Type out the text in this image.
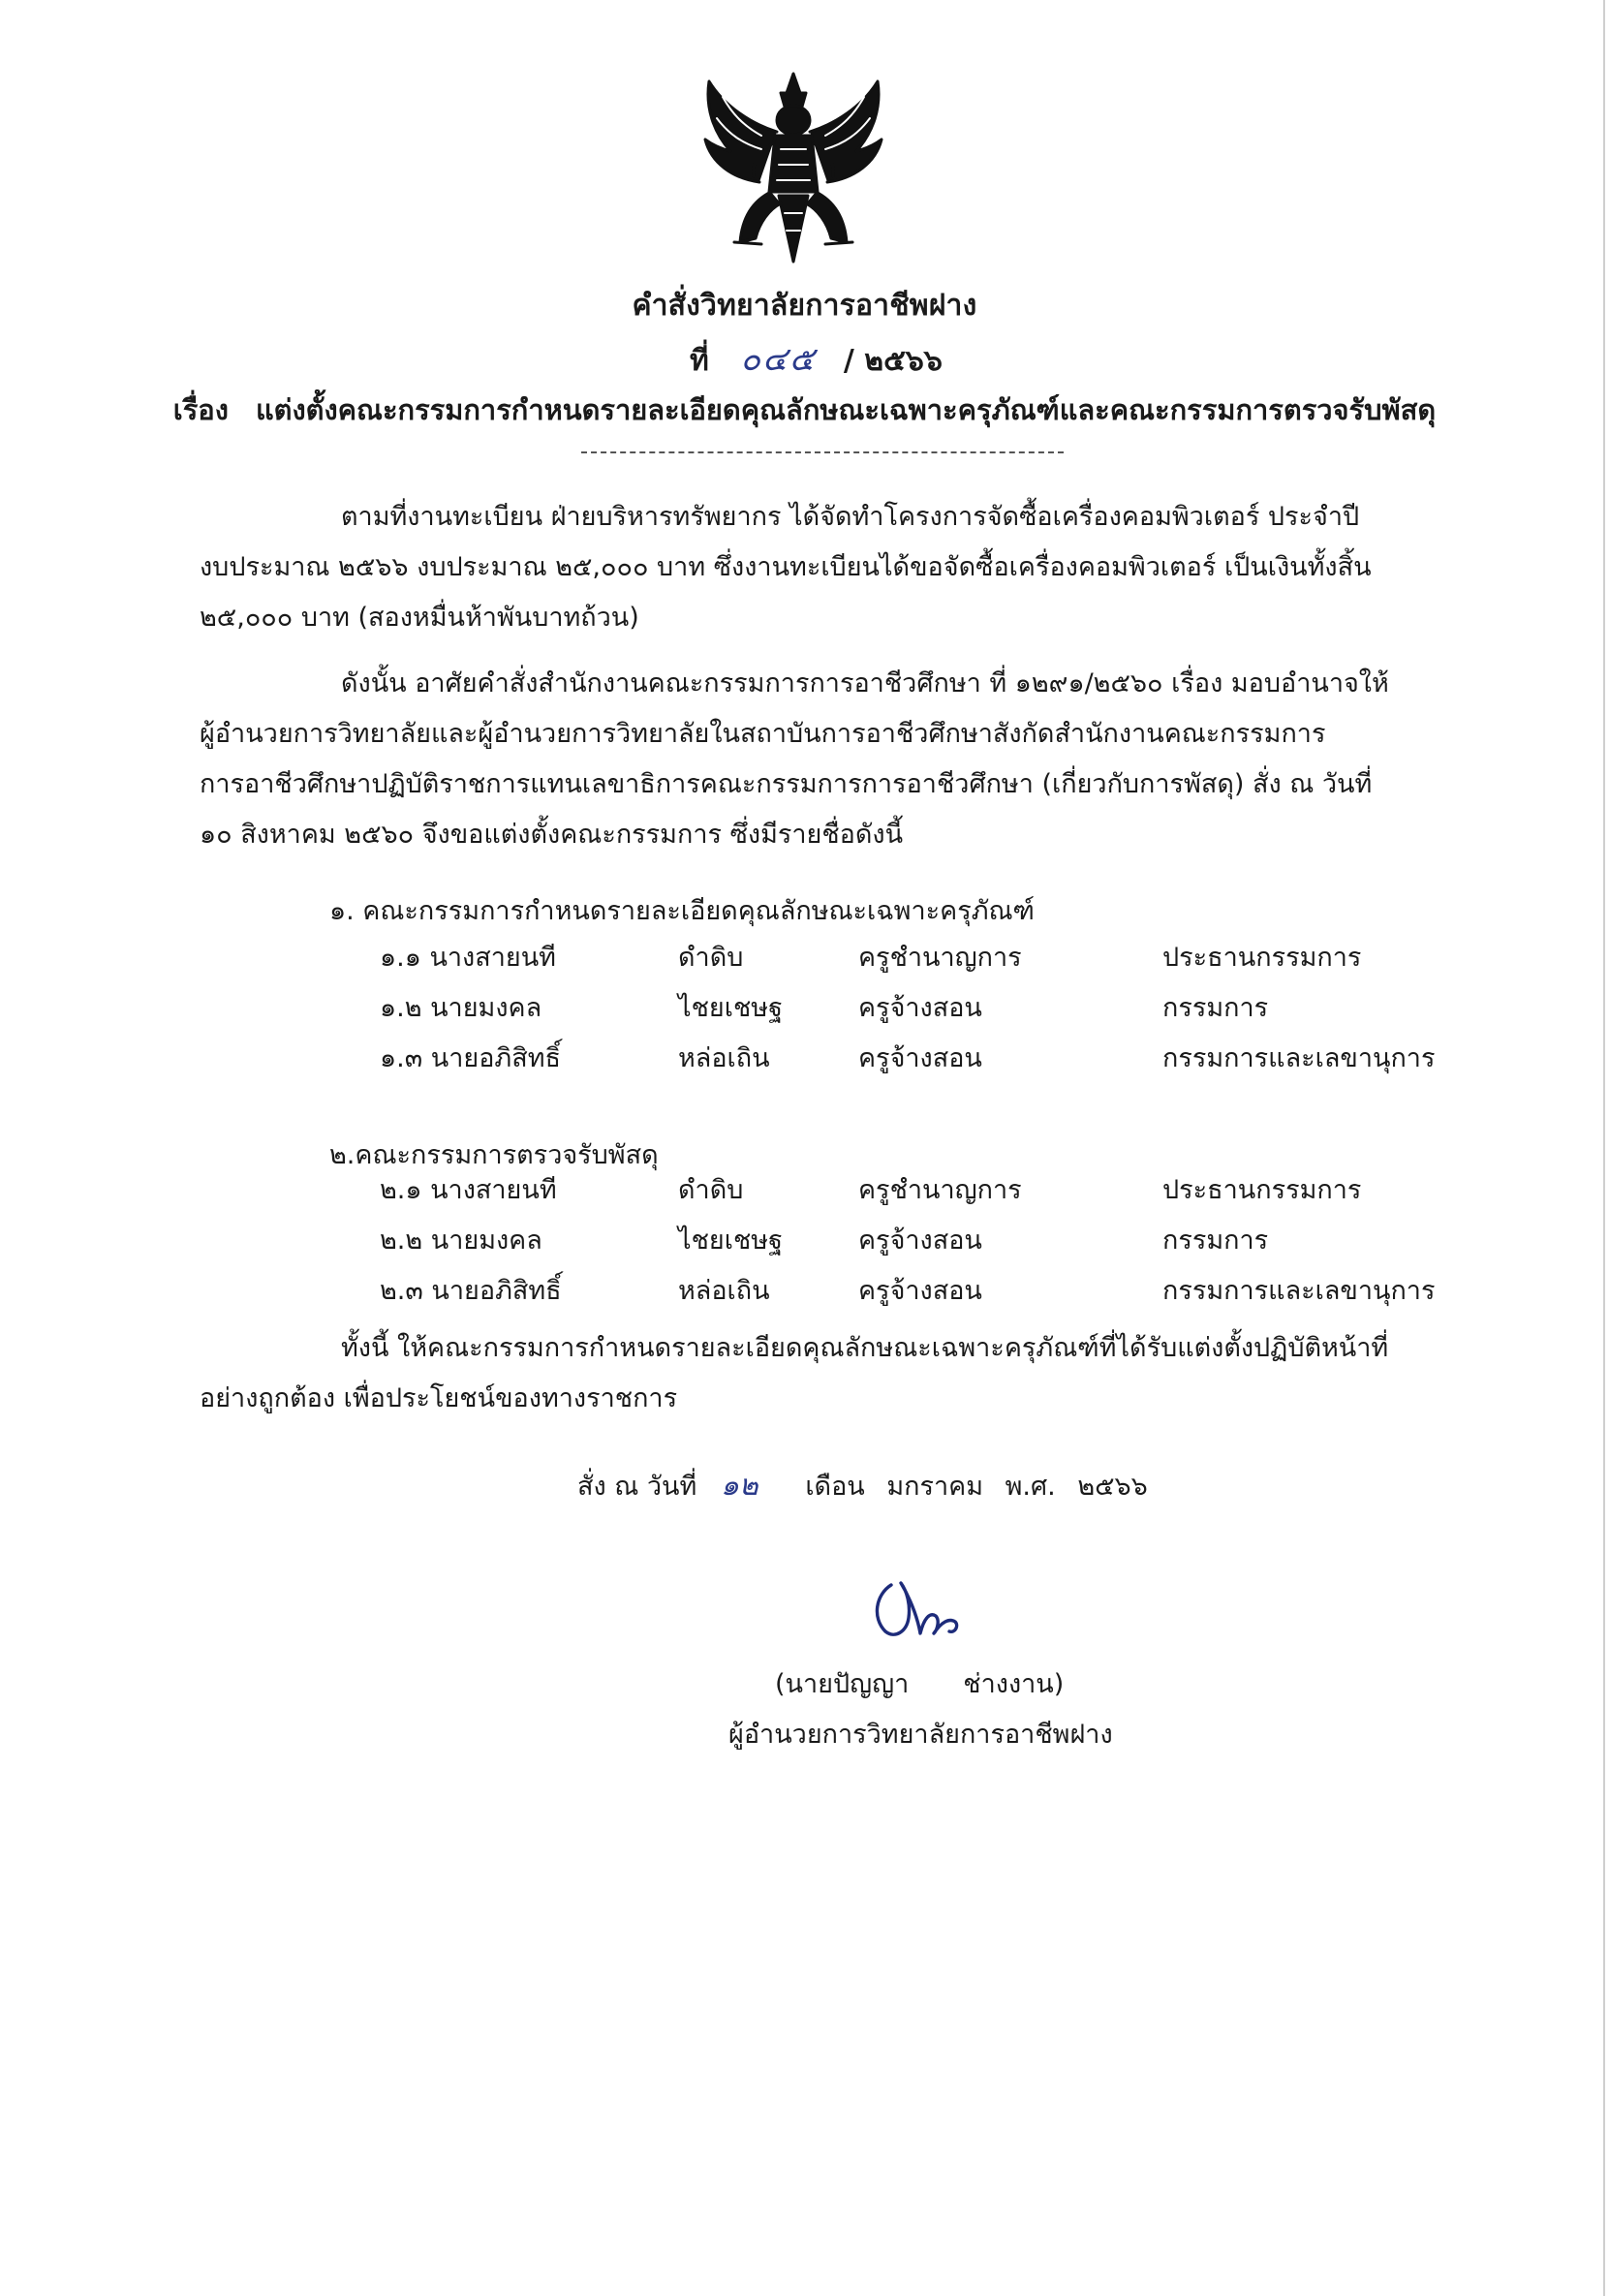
คำสั่งวิทยาลัยการอาชีพฝาง
ที่ ๐๔๕ / ๒๕๖๖
เรื่อง แต่งตั้งคณะกรรมการกำหนดรายละเอียดคุณลักษณะเฉพาะครุภัณฑ์และคณะกรรมการตรวจรับพัสดุ
ตามที่งานทะเบียน ฝ่ายบริหารทรัพยากร ได้จัดทำโครงการจัดซื้อเครื่องคอมพิวเตอร์ ประจำปี
งบประมาณ ๒๕๖๖ งบประมาณ ๒๕,๐๐๐ บาท ซึ่งงานทะเบียนได้ขอจัดซื้อเครื่องคอมพิวเตอร์ เป็นเงินทั้งสิ้น
๒๕,๐๐๐ บาท (สองหมื่นห้าพันบาทถ้วน)
ดังนั้น อาศัยคำสั่งสำนักงานคณะกรรมการการอาชีวศึกษา ที่ ๑๒๙๑/๒๕๖๐ เรื่อง มอบอำนาจให้
ผู้อำนวยการวิทยาลัยและผู้อำนวยการวิทยาลัยในสถาบันการอาชีวศึกษาสังกัดสำนักงานคณะกรรมการ
การอาชีวศึกษาปฏิบัติราชการแทนเลขาธิการคณะกรรมการการอาชีวศึกษา (เกี่ยวกับการพัสดุ) สั่ง ณ วันที่
๑๐ สิงหาคม ๒๕๖๐ จึงขอแต่งตั้งคณะกรรมการ ซึ่งมีรายชื่อดังนี้
๑. คณะกรรมการกำหนดรายละเอียดคุณลักษณะเฉพาะครุภัณฑ์
๑.๑ นางสายนที	ดำดิบ	ครูชำนาญการ	ประธานกรรมการ
๑.๒ นายมงคล	ไชยเชษฐ	ครูจ้างสอน	กรรมการ
๑.๓ นายอภิสิทธิ์	หล่อเถิน	ครูจ้างสอน	กรรมการและเลขานุการ
๒.คณะกรรมการตรวจรับพัสดุ
๒.๑ นางสายนที	ดำดิบ	ครูชำนาญการ	ประธานกรรมการ
๒.๒ นายมงคล	ไชยเชษฐ	ครูจ้างสอน	กรรมการ
๒.๓ นายอภิสิทธิ์	หล่อเถิน	ครูจ้างสอน	กรรมการและเลขานุการ
ทั้งนี้ ให้คณะกรรมการกำหนดรายละเอียดคุณลักษณะเฉพาะครุภัณฑ์ที่ได้รับแต่งตั้งปฏิบัติหน้าที่
อย่างถูกต้อง เพื่อประโยชน์ของทางราชการ
สั่ง ณ วันที่ ๑๒ เดือน มกราคม พ.ศ. ๒๕๖๖
(นายปัญญา ช่างงาน)
ผู้อำนวยการวิทยาลัยการอาชีพฝาง
